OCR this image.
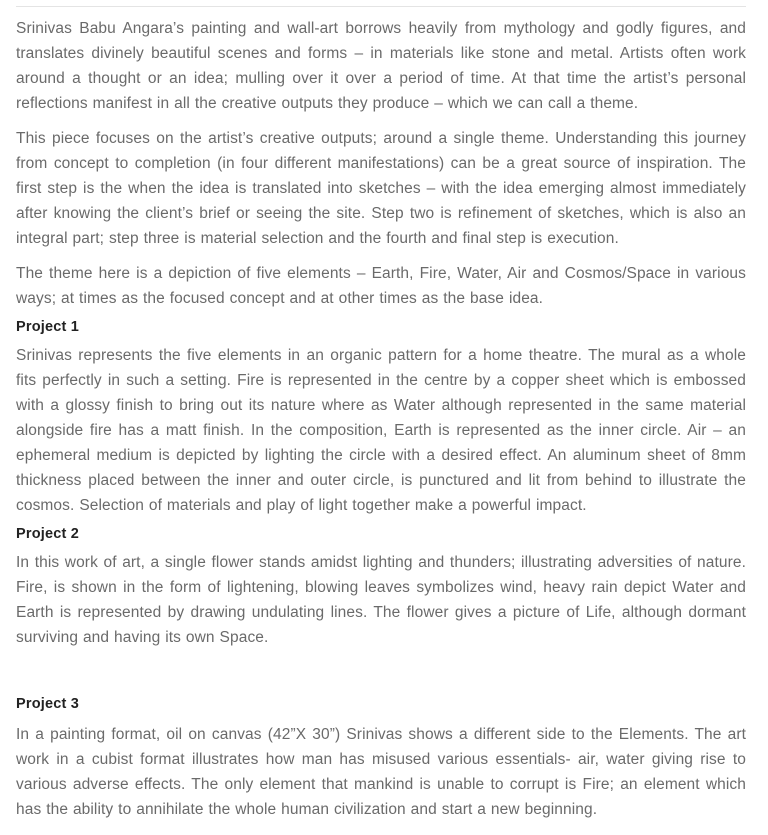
Srinivas Babu Angara’s painting and wall-art borrows heavily from mythology and godly figures, and translates divinely beautiful scenes and forms – in materials like stone and metal. Artists often work around a thought or an idea; mulling over it over a period of time. At that time the artist’s personal reflections manifest in all the creative outputs they produce – which we can call a theme.

This piece focuses on the artist’s creative outputs; around a single theme. Understanding this journey from concept to completion (in four different manifestations) can be a great source of inspiration. The first step is the when the idea is translated into sketches – with the idea emerging almost immediately after knowing the client’s brief or seeing the site. Step two is refinement of sketches, which is also an integral part; step three is material selection and the fourth and final step is execution.

The theme here is a depiction of five elements – Earth, Fire, Water, Air and Cosmos/Space in various ways; at times as the focused concept and at other times as the base idea.

Project 1

Srinivas represents the five elements in an organic pattern for a home theatre. The mural as a whole fits perfectly in such a setting. Fire is represented in the centre by a copper sheet which is embossed with a glossy finish to bring out its nature where as Water although represented in the same material alongside fire has a matt finish. In the composition, Earth is represented as the inner circle. Air – an ephemeral medium is depicted by lighting the circle with a desired effect. An aluminum sheet of 8mm thickness placed between the inner and outer circle, is punctured and lit from behind to illustrate the cosmos. Selection of materials and play of light together make a powerful impact.

Project 2

In this work of art, a single flower stands amidst lighting and thunders; illustrating adversities of nature. Fire, is shown in the form of lightening, blowing leaves symbolizes wind, heavy rain depict Water and Earth is represented by drawing undulating lines. The flower gives a picture of Life, although dormant surviving and having its own Space.

Project 3

In a painting format, oil on canvas (42”X 30”) Srinivas shows a different side to the Elements. The art work in a cubist format illustrates how man has misused various essentials- air, water giving rise to various adverse effects. The only element that mankind is unable to corrupt is Fire; an element which has the ability to annihilate the whole human civilization and start a new beginning.
